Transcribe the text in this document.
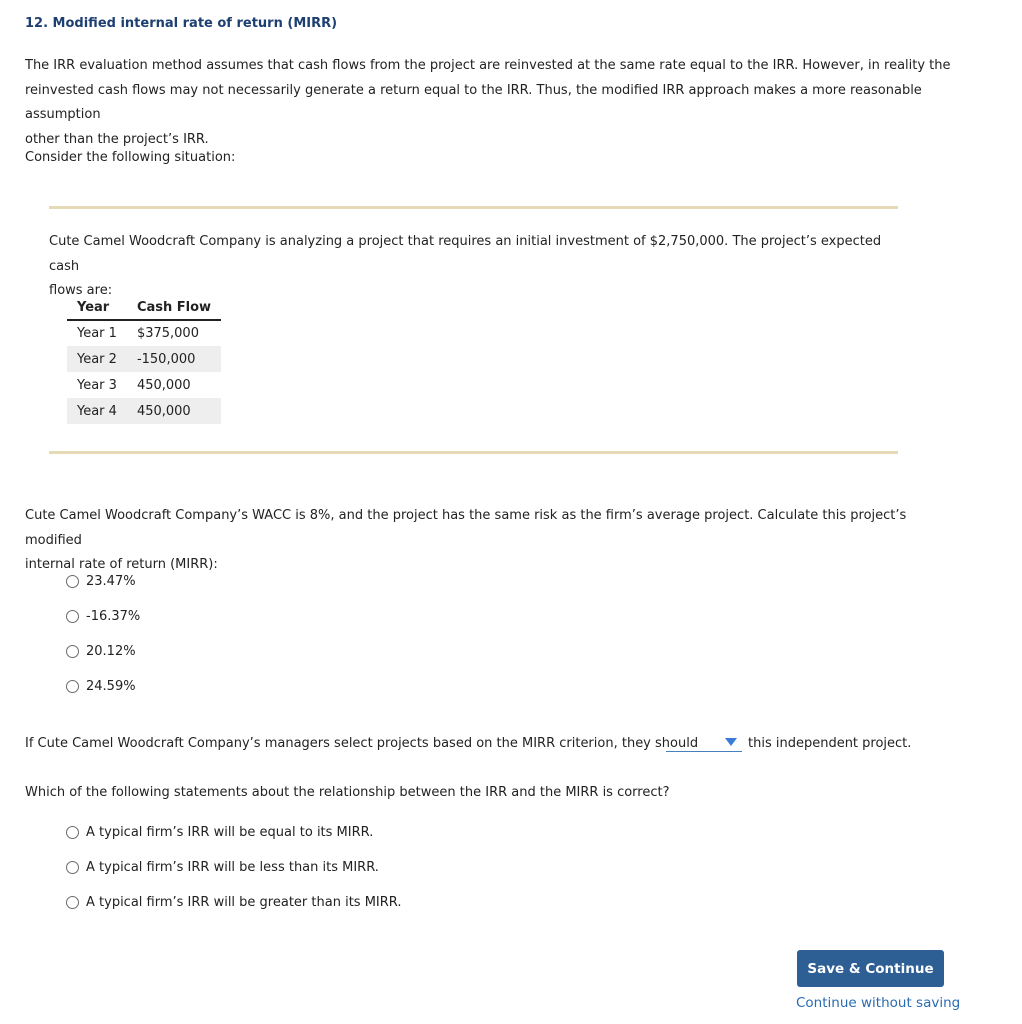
12. Modified internal rate of return (MIRR)
The IRR evaluation method assumes that cash flows from the project are reinvested at the same rate equal to the IRR. However, in reality the
reinvested cash flows may not necessarily generate a return equal to the IRR. Thus, the modified IRR approach makes a more reasonable assumption
other than the project’s IRR.
Consider the following situation:
Cute Camel Woodcraft Company is analyzing a project that requires an initial investment of $2,750,000. The project’s expected cash
flows are:
Year	Cash Flow
Year 1	$375,000
Year 2	-150,000
Year 3	450,000
Year 4	450,000
Cute Camel Woodcraft Company’s WACC is 8%, and the project has the same risk as the firm’s average project. Calculate this project’s modified
internal rate of return (MIRR):
23.47%
-16.37%
20.12%
24.59%
If Cute Camel Woodcraft Company’s managers select projects based on the MIRR criterion, they should	this independent project.
Which of the following statements about the relationship between the IRR and the MIRR is correct?
A typical firm’s IRR will be equal to its MIRR.
A typical firm’s IRR will be less than its MIRR.
A typical firm’s IRR will be greater than its MIRR.
Save & Continue
Continue without saving
